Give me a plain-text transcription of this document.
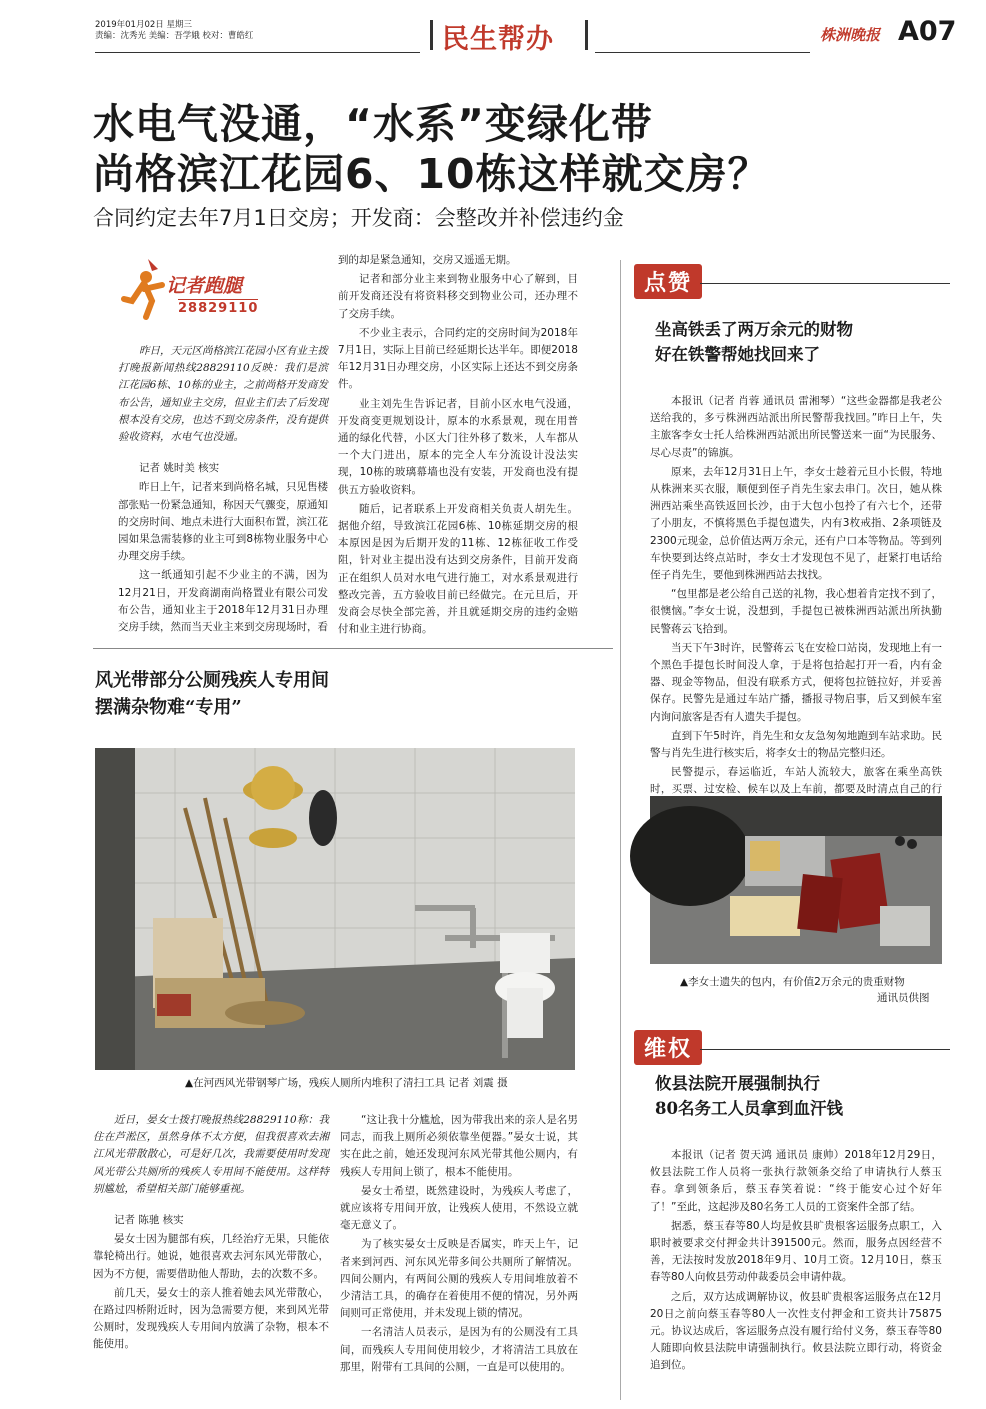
2019年01月02日 星期三
责编：沈秀光 美编：吾学娥 校对：曹皓红	民生帮办	株洲晚报 A07
水电气没通，“水系”变绿化带
尚格滨江花园6、10栋这样就交房？
合同约定去年7月1日交房；开发商：会整改并补偿违约金
记者跑腿
28829110

昨日，天元区尚格滨江花园小区有业主拨打晚报新闻热线28829110反映：我们是滨江花园6栋、10栋的业主，之前尚格开发商发布公告，通知业主交房，但业主们去了后发现根本没有交房，也达不到交房条件，没有提供验收资料，水电气也没通。

记者 姚时美 核实

昨日上午，记者来到尚格名城，只见售楼部张贴一份紧急通知，称因天气骤变，原通知的交房时间、地点未进行大面积布置，滨江花园如果急需装修的业主可到8栋物业服务中心办理交房手续。

这一纸通知引起不少业主的不满，因为12月21日，开发商湖南尚格置业有限公司发布公告，通知业主于2018年12月31日办理交房手续，然而当天业主来到交房现场时，看

到的却是紧急通知，交房又遥遥无期。

记者和部分业主来到物业服务中心了解到，目前开发商还没有将资料移交到物业公司，还办理不了交房手续。

不少业主表示，合同约定的交房时间为2018年7月1日，实际上目前已经延期长达半年。即便2018年12月31日办理交房，小区实际上还达不到交房条件。

业主刘先生告诉记者，目前小区水电气没通，开发商变更规划设计，原本的水系景观，现在用普通的绿化代替，小区大门往外移了数米，人车都从一个大门进出，原本的完全人车分流设计没法实现，10栋的玻璃幕墙也没有安装，开发商也没有提供五方验收资料。

随后，记者联系上开发商相关负责人胡先生。据他介绍，导致滨江花园6栋、10栋延期交房的根本原因是因为后期开发的11栋、12栋征收工作受阻，针对业主提出没有达到交房条件，目前开发商正在组织人员对水电气进行施工，对水系景观进行整改完善，五方验收目前已经做完。在元旦后，开发商会尽快全部完善，并且就延期交房的违约金赔付和业主进行协商。

风光带部分公厕残疾人专用间
摆满杂物难“专用”
▲在河西风光带钢琴广场，残疾人厕所内堆积了清扫工具 记者 刘震 摄

近日，晏女士拨打晚报热线28829110称：我住在芦淞区，虽然身体不太方便，但我很喜欢去湘江风光带散散心，可是好几次，我需要使用时发现风光带公共厕所的残疾人专用间不能使用。这样特别尴尬，希望相关部门能够重视。

记者 陈驰 核实

晏女士因为腿部有疾，几经治疗无果，只能依靠轮椅出行。她说，她很喜欢去河东风光带散心，因为不方便，需要借助他人帮助，去的次数不多。

前几天，晏女士的亲人推着她去风光带散心，在路过四桥附近时，因为急需要方便，来到风光带公厕时，发现残疾人专用间内放满了杂物，根本不能使用。

“这让我十分尴尬，因为带我出来的亲人是名男同志，而我上厕所必须依靠坐便器。”晏女士说，其实在此之前，她还发现河东风光带其他公厕内，有残疾人专用间上锁了，根本不能使用。

晏女士希望，既然建设时，为残疾人考虑了，就应该将专用间开放，让残疾人使用，不然设立就毫无意义了。

为了核实晏女士反映是否属实，昨天上午，记者来到河西、河东风光带多间公共厕所了解情况。四间公厕内，有两间公厕的残疾人专用间堆放着不少清洁工具，的确存在着使用不便的情况，另外两间则可正常使用，并未发现上锁的情况。

一名清洁人员表示，是因为有的公厕没有工具间，而残疾人专用间使用较少，才将清洁工具放在那里，附带有工具间的公厕，一直是可以使用的。

点赞
坐高铁丢了两万余元的财物
好在铁警帮她找回来了

本报讯（记者 肖蓉 通讯员 雷湘琴）“这些金器都是我老公送给我的，多亏株洲西站派出所民警帮我找回。”昨日上午，失主旅客李女士托人给株洲西站派出所民警送来一面“为民服务、尽心尽责”的锦旗。

原来，去年12月31日上午，李女士趁着元旦小长假，特地从株洲来买衣服，顺便到侄子肖先生家去串门。次日，她从株洲西站乘坐高铁返回长沙，由于大包小包拎了有六七个，还带了小朋友，不慎将黑色手提包遗失，内有3枚戒指、2条项链及2300元现金，总价值达两万余元，还有户口本等物品。等到列车快要到达终点站时，李女士才发现包不见了，赶紧打电话给侄子肖先生，要他到株洲西站去找找。

“包里都是老公给自己送的礼物，我心想着肯定找不到了，很懊恼。”李女士说，没想到，手提包已被株洲西站派出所执勤民警蒋云飞拾到。

当天下午3时许，民警蒋云飞在安检口站岗，发现地上有一个黑色手提包长时间没人拿，于是将包拾起打开一看，内有金器、现金等物品，但没有联系方式，便将包拉链拉好，并妥善保存。民警先是通过车站广播，播报寻物启事，后又到候车室内询问旅客是否有人遗失手提包。

直到下午5时许，肖先生和女友急匆匆地跑到车站求助。民警与肖先生进行核实后，将李女士的物品完整归还。

民警提示，春运临近，车站人流较大，旅客在乘坐高铁时，买票、过安检、候车以及上车前，都要及时清点自己的行

▲李女士遗失的包内，有价值2万余元的贵重财物
通讯员供图
维权
攸县法院开展强制执行
80名务工人员拿到血汗钱

本报讯（记者 贺天鸿 通讯员 康帅）2018年12月29日，攸县法院工作人员将一张执行款领条交给了申请执行人蔡玉春。拿到领条后，蔡玉春笑着说：“终于能安心过个好年了！”至此，这起涉及80名务工人员的工资案件全部了结。

据悉，蔡玉春等80人均是攸县旷贵根客运服务点职工，入职时被要求交付押金共计391500元。然而，服务点因经营不善，无法按时发放2018年9月、10月工资。12月10日，蔡玉春等80人向攸县劳动仲裁委员会申请仲裁。

之后，双方达成调解协议，攸县旷贵根客运服务点在12月20日之前向蔡玉春等80人一次性支付押金和工资共计75875元。协议达成后，客运服务点没有履行给付义务，蔡玉春等80人随即向攸县法院申请强制执行。攸县法院立即行动，将资金追到位。
